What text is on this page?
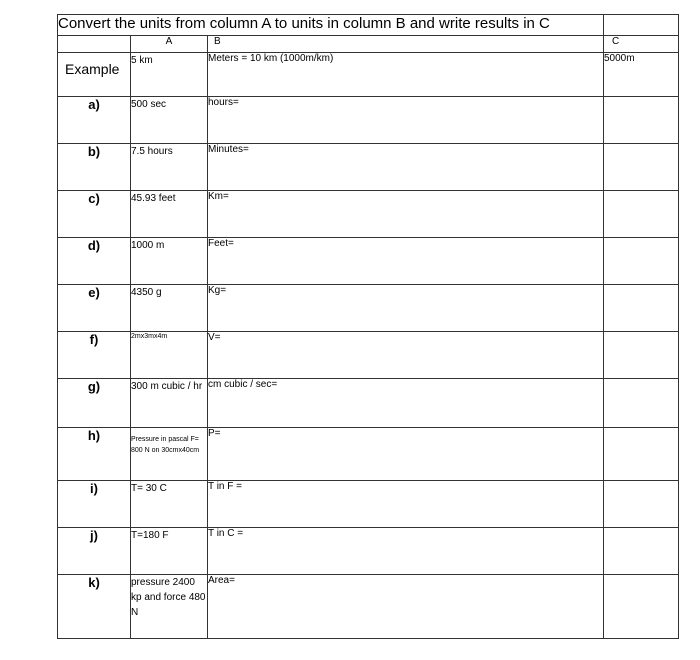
Convert the units from column A to units in column B and write results in C			
	A	B	C
Example	5 km	Meters = 10 km (1000m/km)	5000m
a)	500 sec	hours=	
b)	7.5 hours	Minutes=	
c)	45.93 feet	Km=	
d)	1000 m	Feet=	
e)	4350 g	Kg=	
f)	2mx3mx4m	V=	
g)	300 m cubic / hr	cm cubic / sec=	
h)	Pressure in pascal F= 800 N on 30cmx40cm	P=	
i)	T= 30 C	T in F =	
j)	T=180 F	T in C =	
k)	pressure 2400 kp and force 480 N	Area=	
